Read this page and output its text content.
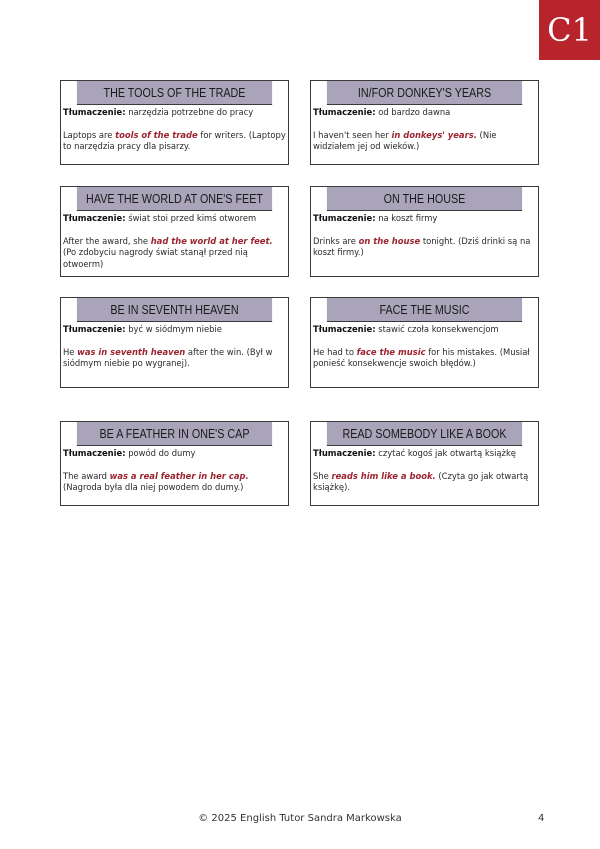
C1
THE TOOLS OF THE TRADE
Tłumaczenie: narzędzia potrzebne do pracy
Laptops are tools of the trade for writers. (Laptopy to narzędzia pracy dla pisarzy.
IN/FOR DONKEY'S YEARS
Tłumaczenie: od bardzo dawna
I haven't seen her in donkeys' years. (Nie widziałem jej od wieków.)
HAVE THE WORLD AT ONE'S FEET
Tłumaczenie: świat stoi przed kimś otworem
After the award, she had the world at her feet. (Po zdobyciu nagrody świat stanął przed nią otwoerm)
ON THE HOUSE
Tłumaczenie: na koszt firmy
Drinks are on the house tonight. (Dziś drinki są na koszt firmy.)
BE IN SEVENTH HEAVEN
Tłumaczenie: być w siódmym niebie
He was in seventh heaven after the win. (Był w siódmym niebie po wygranej).
FACE THE MUSIC
Tłumaczenie: stawić czoła konsekwencjom
He had to face the music for his mistakes. (Musiał ponieść konsekwencje swoich błędów.)
BE A FEATHER IN ONE'S CAP
Tłumaczenie: powód do dumy
The award was a real feather in her cap. (Nagroda była dla niej powodem do dumy.)
READ SOMEBODY LIKE A BOOK
Tłumaczenie: czytać kogoś jak otwartą książkę
She reads him like a book. (Czyta go jak otwartą książkę).
© 2025 English Tutor Sandra Markowska	4
